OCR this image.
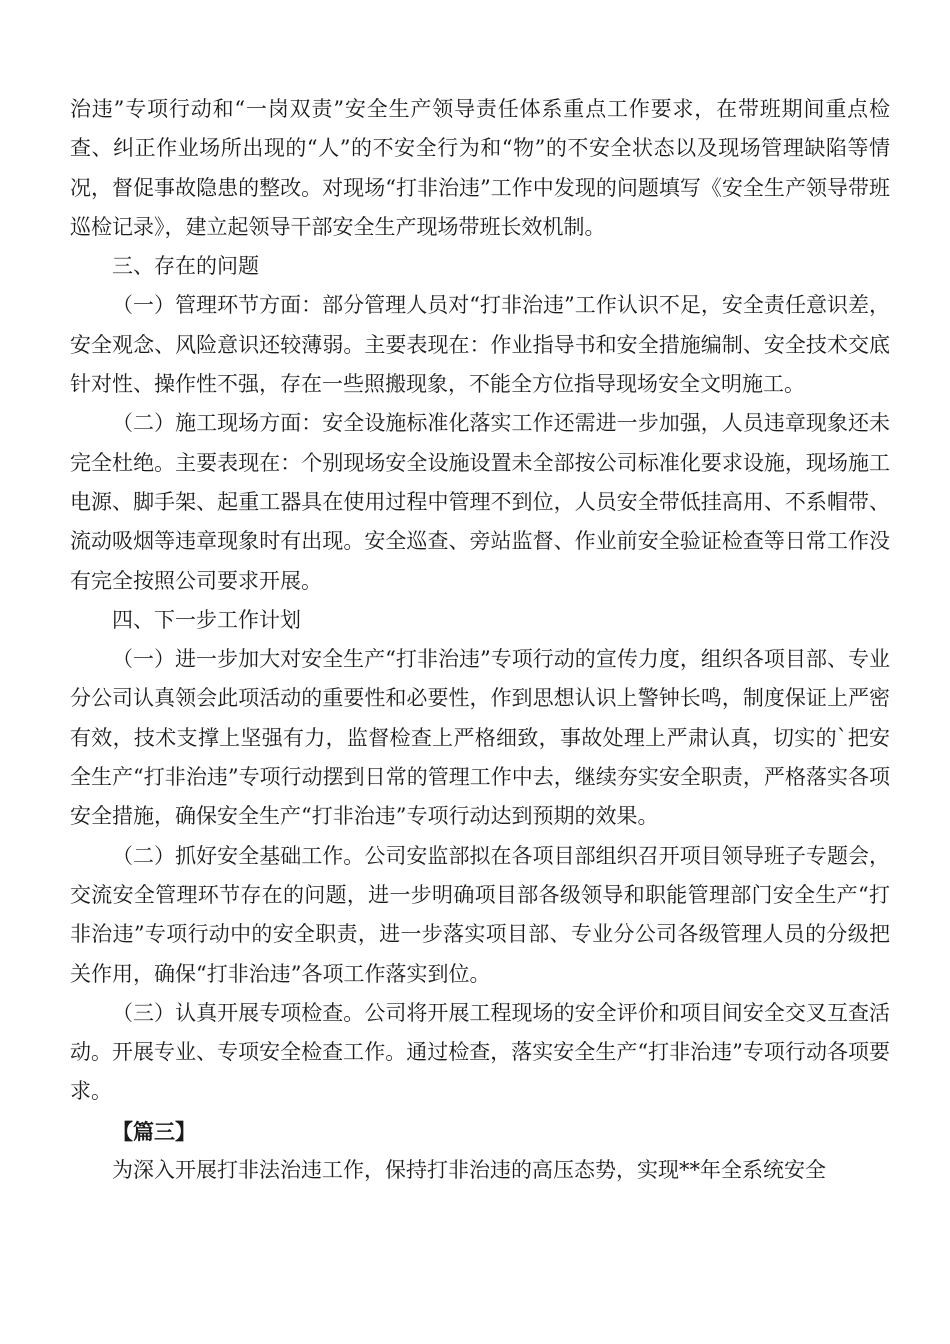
治违”专项行动和“一岗双责”安全生产领导责任体系重点工作要求，在带班期间重点检查、纠正作业场所出现的“人”的不安全行为和“物”的不安全状态以及现场管理缺陷等情况，督促事故隐患的整改。对现场“打非治违”工作中发现的问题填写《安全生产领导带班巡检记录》，建立起领导干部安全生产现场带班长效机制。

三、存在的问题

（一）管理环节方面：部分管理人员对“打非治违”工作认识不足，安全责任意识差，安全观念、风险意识还较薄弱。主要表现在：作业指导书和安全措施编制、安全技术交底针对性、操作性不强，存在一些照搬现象，不能全方位指导现场安全文明施工。

（二）施工现场方面：安全设施标准化落实工作还需进一步加强，人员违章现象还未完全杜绝。主要表现在：个别现场安全设施设置未全部按公司标准化要求设施，现场施工电源、脚手架、起重工器具在使用过程中管理不到位，人员安全带低挂高用、不系帽带、流动吸烟等违章现象时有出现。安全巡查、旁站监督、作业前安全验证检查等日常工作没有完全按照公司要求开展。

四、下一步工作计划

（一）进一步加大对安全生产“打非治违”专项行动的宣传力度，组织各项目部、专业分公司认真领会此项活动的重要性和必要性，作到思想认识上警钟长鸣，制度保证上严密有效，技术支撑上坚强有力，监督检查上严格细致，事故处理上严肃认真，切实的`把安全生产“打非治违”专项行动摆到日常的管理工作中去，继续夯实安全职责，严格落实各项安全措施，确保安全生产“打非治违”专项行动达到预期的效果。

（二）抓好安全基础工作。公司安监部拟在各项目部组织召开项目领导班子专题会，交流安全管理环节存在的问题，进一步明确项目部各级领导和职能管理部门安全生产“打非治违”专项行动中的安全职责，进一步落实项目部、专业分公司各级管理人员的分级把关作用，确保“打非治违”各项工作落实到位。

（三）认真开展专项检查。公司将开展工程现场的安全评价和项目间安全交叉互查活动。开展专业、专项安全检查工作。通过检查，落实安全生产“打非治违”专项行动各项要求。

【篇三】

为深入开展打非法治违工作，保持打非治违的高压态势，实现**年全系统安全
